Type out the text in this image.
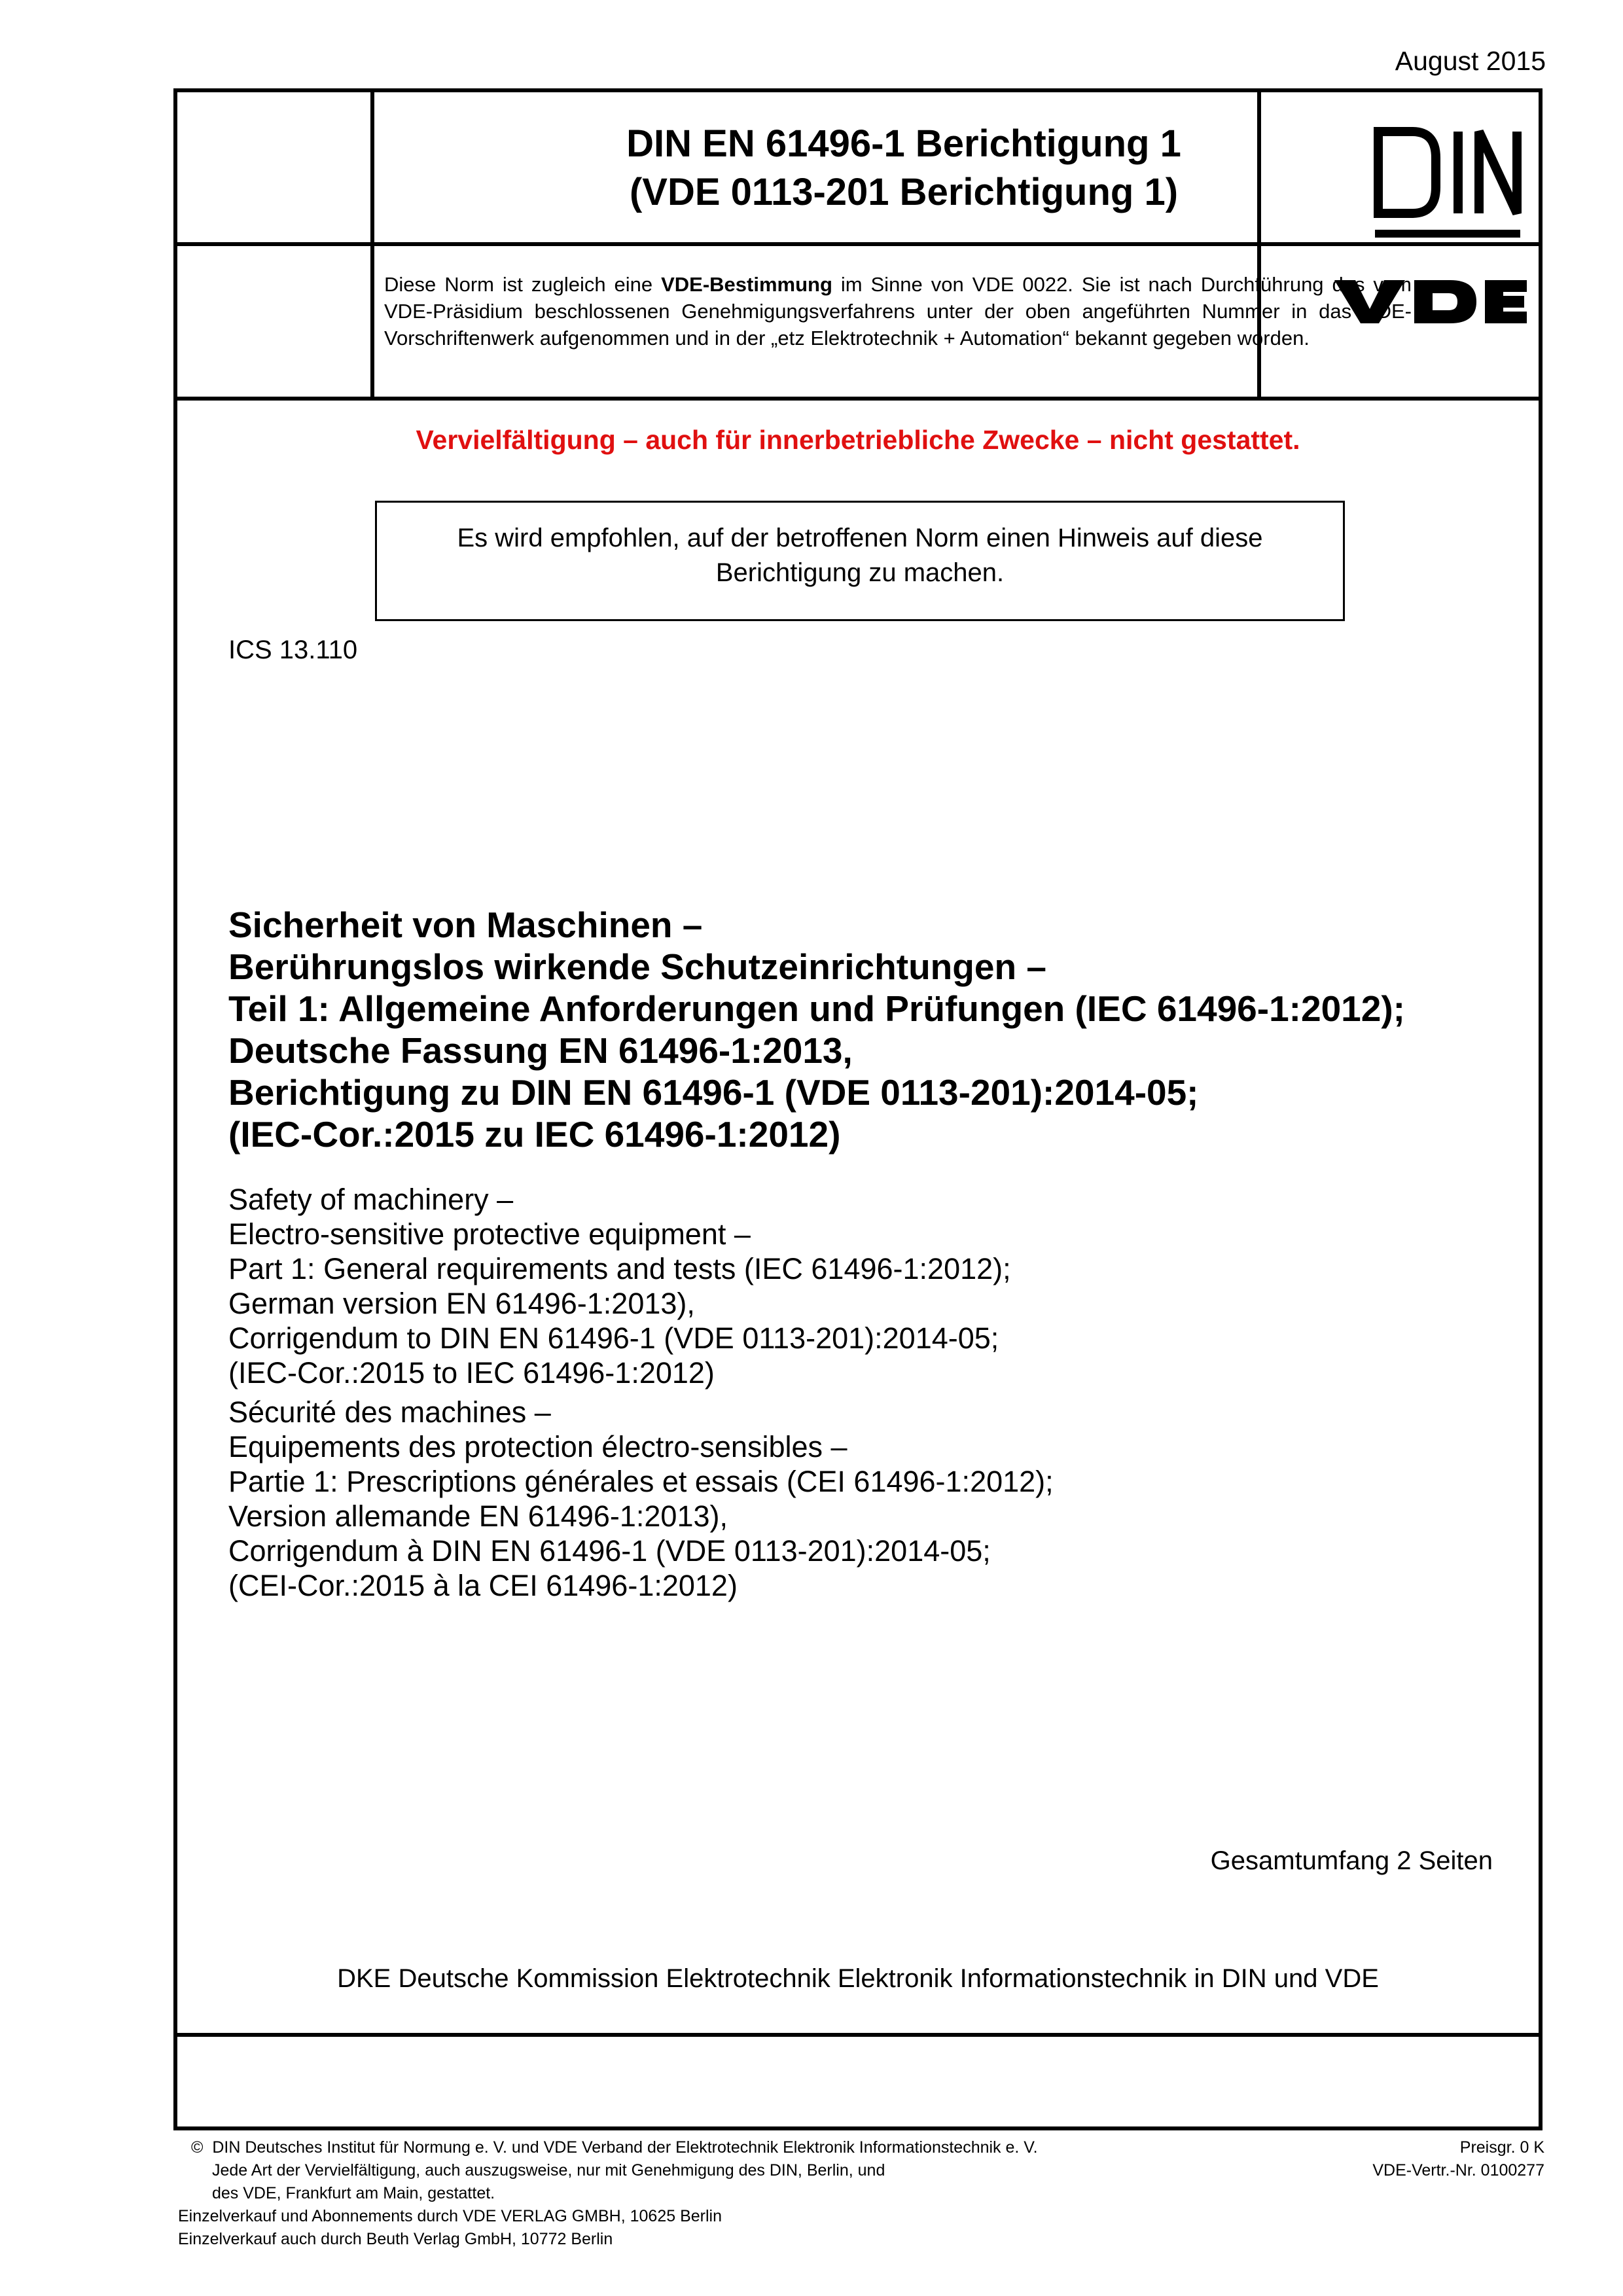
August 2015
DIN EN 61496-1 Berichtigung 1
(VDE 0113-201 Berichtigung 1)
Diese Norm ist zugleich eine VDE-Bestimmung im Sinne von VDE 0022. Sie ist nach Durchführung des vom VDE-Präsidium beschlossenen Genehmigungsverfahrens unter der oben angeführten Nummer in das VDE-Vorschriftenwerk aufgenommen und in der „etz Elektrotechnik + Automation“ bekannt gegeben worden.
Vervielfältigung – auch für innerbetriebliche Zwecke – nicht gestattet.
Es wird empfohlen, auf der betroffenen Norm einen Hinweis auf diese
Berichtigung zu machen.
ICS 13.110
Sicherheit von Maschinen –
Berührungslos wirkende Schutzeinrichtungen –
Teil 1: Allgemeine Anforderungen und Prüfungen (IEC 61496-1:2012);
Deutsche Fassung EN 61496-1:2013,
Berichtigung zu DIN EN 61496-1 (VDE 0113-201):2014-05;
(IEC-Cor.:2015 zu IEC 61496-1:2012)
Safety of machinery –
Electro-sensitive protective equipment –
Part 1: General requirements and tests (IEC 61496-1:2012);
German version EN 61496-1:2013),
Corrigendum to DIN EN 61496-1 (VDE 0113-201):2014-05;
(IEC-Cor.:2015 to IEC 61496-1:2012)
Sécurité des machines –
Equipements des protection électro-sensibles –
Partie 1: Prescriptions générales et essais (CEI 61496-1:2012);
Version allemande EN 61496-1:2013),
Corrigendum à DIN EN 61496-1 (VDE 0113-201):2014-05;
(CEI-Cor.:2015 à la CEI 61496-1:2012)
Gesamtumfang 2 Seiten
DKE Deutsche Kommission Elektrotechnik Elektronik Informationstechnik in DIN und VDE
© DIN Deutsches Institut für Normung e. V. und VDE Verband der Elektrotechnik Elektronik Informationstechnik e. V.
Jede Art der Vervielfältigung, auch auszugsweise, nur mit Genehmigung des DIN, Berlin, und
des VDE, Frankfurt am Main, gestattet.
Einzelverkauf und Abonnements durch VDE VERLAG GMBH, 10625 Berlin
Einzelverkauf auch durch Beuth Verlag GmbH, 10772 Berlin
Preisgr. 0 K
VDE-Vertr.-Nr. 0100277
